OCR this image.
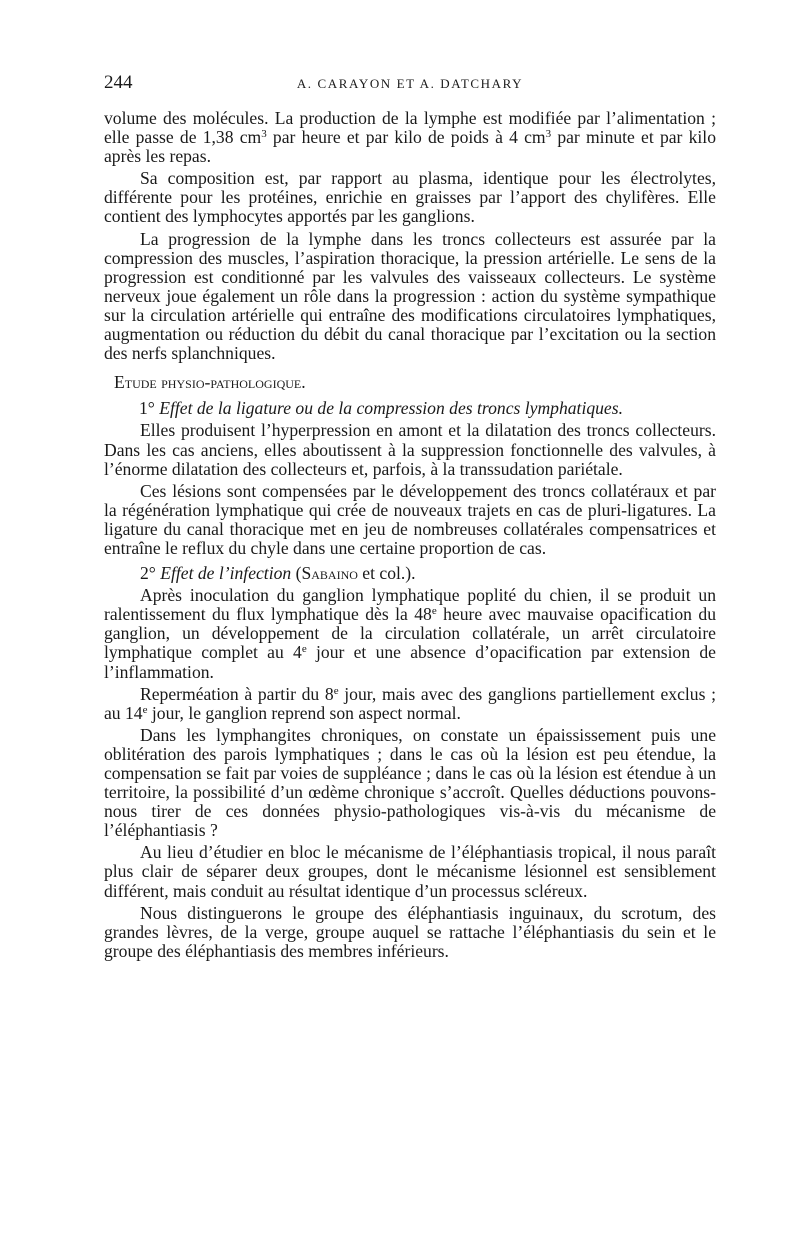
244	A. CARAYON ET A. DATCHARY

volume des molécules. La production de la lymphe est modifiée par l’alimentation ; elle passe de 1,38 $cm^3$ par heure et par kilo de poids à 4 $cm^3$ par minute et par kilo après les repas.

Sa composition est, par rapport au plasma, identique pour les électrolytes, différente pour les protéines, enrichie en graisses par l’apport des chylifères. Elle contient des lymphocytes apportés par les ganglions.

La progression de la lymphe dans les troncs collecteurs est assurée par la compression des muscles, l’aspiration thoracique, la pression artérielle. Le sens de la progression est conditionné par les valvules des vaisseaux collecteurs. Le système nerveux joue également un rôle dans la progression : action du système sympathique sur la circulation artérielle qui entraîne des modifications circulatoires lymphatiques, augmentation ou réduction du débit du canal thoracique par l’excitation ou la section des nerfs splanchniques.

Etude physio-pathologique.

1° Effet de la ligature ou de la compression des troncs lymphatiques.

Elles produisent l’hyperpression en amont et la dilatation des troncs collecteurs. Dans les cas anciens, elles aboutissent à la suppression fonctionnelle des valvules, à l’énorme dilatation des collecteurs et, parfois, à la transsudation pariétale.

Ces lésions sont compensées par le développement des troncs collatéraux et par la régénération lymphatique qui crée de nouveaux trajets en cas de pluri-ligatures. La ligature du canal thoracique met en jeu de nombreuses collatérales compensatrices et entraîne le reflux du chyle dans une certaine proportion de cas.

2° Effet de l’infection (Sabaino et col.).

Après inoculation du ganglion lymphatique poplité du chien, il se produit un ralentissement du flux lymphatique dès la 48e heure avec mauvaise opacification du ganglion, un développement de la circulation collatérale, un arrêt circulatoire lymphatique complet au 4e jour et une absence d’opacification par extension de l’inflammation.

Reperméation à partir du 8e jour, mais avec des ganglions partiellement exclus ; au 14e jour, le ganglion reprend son aspect normal.

Dans les lymphangites chroniques, on constate un épaississement puis une oblitération des parois lymphatiques ; dans le cas où la lésion est peu étendue, la compensation se fait par voies de suppléance ; dans le cas où la lésion est étendue à un territoire, la possibilité d’un œdème chronique s’accroît. Quelles déductions pouvons-nous tirer de ces données physio-pathologiques vis-à-vis du mécanisme de l’éléphantiasis ?

Au lieu d’étudier en bloc le mécanisme de l’éléphantiasis tropical, il nous paraît plus clair de séparer deux groupes, dont le mécanisme lésionnel est sensiblement différent, mais conduit au résultat identique d’un processus scléreux.

Nous distinguerons le groupe des éléphantiasis inguinaux, du scrotum, des grandes lèvres, de la verge, groupe auquel se rattache l’éléphantiasis du sein et le groupe des éléphantiasis des membres inférieurs.
